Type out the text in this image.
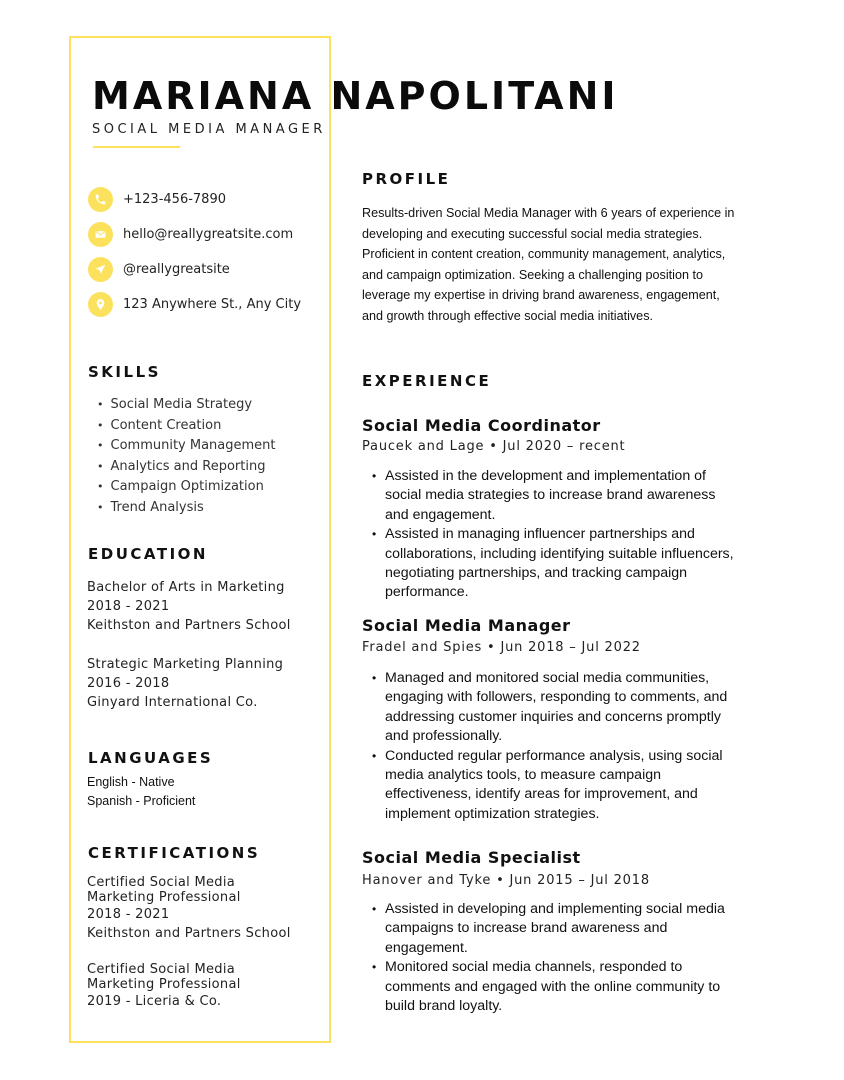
MARIANA NAPOLITANI
SOCIAL MEDIA MANAGER
+123-456-7890
hello@reallygreatsite.com
@reallygreatsite
123 Anywhere St., Any City
SKILLS
• Social Media Strategy
• Content Creation
• Community Management
• Analytics and Reporting
• Campaign Optimization
• Trend Analysis
EDUCATION
Bachelor of Arts in Marketing
2018 - 2021
Keithston and Partners School
Strategic Marketing Planning
2016 - 2018
Ginyard International Co.
LANGUAGES
English - Native
Spanish - Proficient
CERTIFICATIONS
Certified Social Media
Marketing Professional
2018 - 2021
Keithston and Partners School
Certified Social Media
Marketing Professional
2019 - Liceria & Co.
PROFILE

Results-driven Social Media Manager with 6 years of experience in developing and executing successful social media strategies. Proficient in content creation, community management, analytics, and campaign optimization. Seeking a challenging position to leverage my expertise in driving brand awareness, engagement, and growth through effective social media initiatives.

EXPERIENCE
Social Media Coordinator
Paucek and Lage • Jul 2020 – recent
• Assisted in the development and implementation of social media strategies to increase brand awareness and engagement.
• Assisted in managing influencer partnerships and collaborations, including identifying suitable influencers, negotiating partnerships, and tracking campaign performance.
Social Media Manager
Fradel and Spies • Jun 2018 – Jul 2022
• Managed and monitored social media communities, engaging with followers, responding to comments, and addressing customer inquiries and concerns promptly and professionally.
• Conducted regular performance analysis, using social media analytics tools, to measure campaign effectiveness, identify areas for improvement, and implement optimization strategies.
Social Media Specialist
Hanover and Tyke • Jun 2015 – Jul 2018
• Assisted in developing and implementing social media campaigns to increase brand awareness and engagement.
• Monitored social media channels, responded to comments and engaged with the online community to build brand loyalty.
